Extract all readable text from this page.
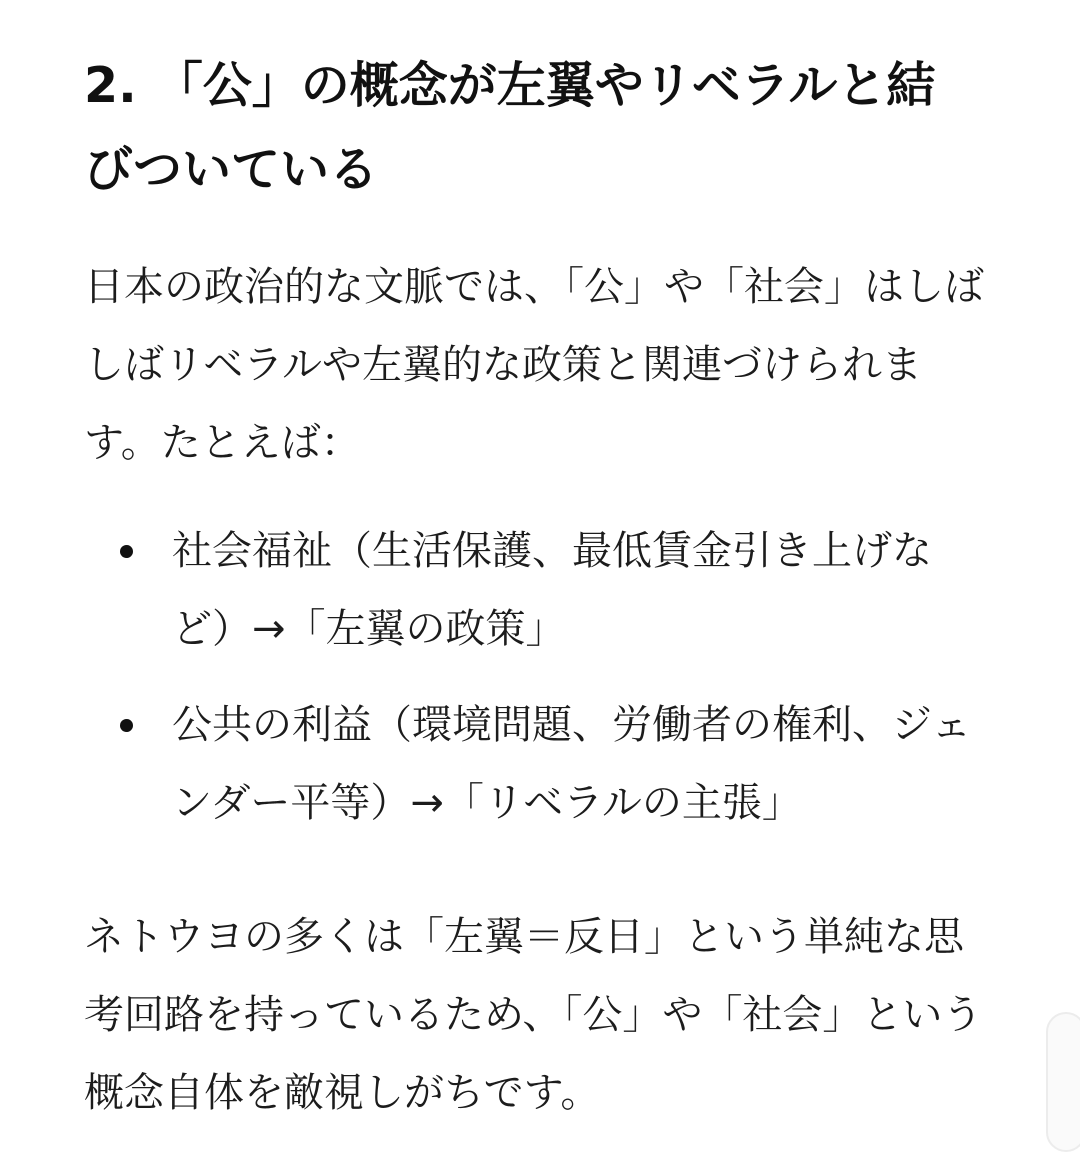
2. 「公」の概念が左翼やリベラルと結びついている

日本の政治的な文脈では、「公」や「社会」はしばしばリベラルや左翼的な政策と関連づけられます。たとえば：

社会福祉（生活保護、最低賃金引き上げなど）→「左翼の政策」
公共の利益（環境問題、労働者の権利、ジェンダー平等）→「リベラルの主張」

ネトウヨの多くは「左翼＝反日」という単純な思考回路を持っているため、「公」や「社会」という概念自体を敵視しがちです。
